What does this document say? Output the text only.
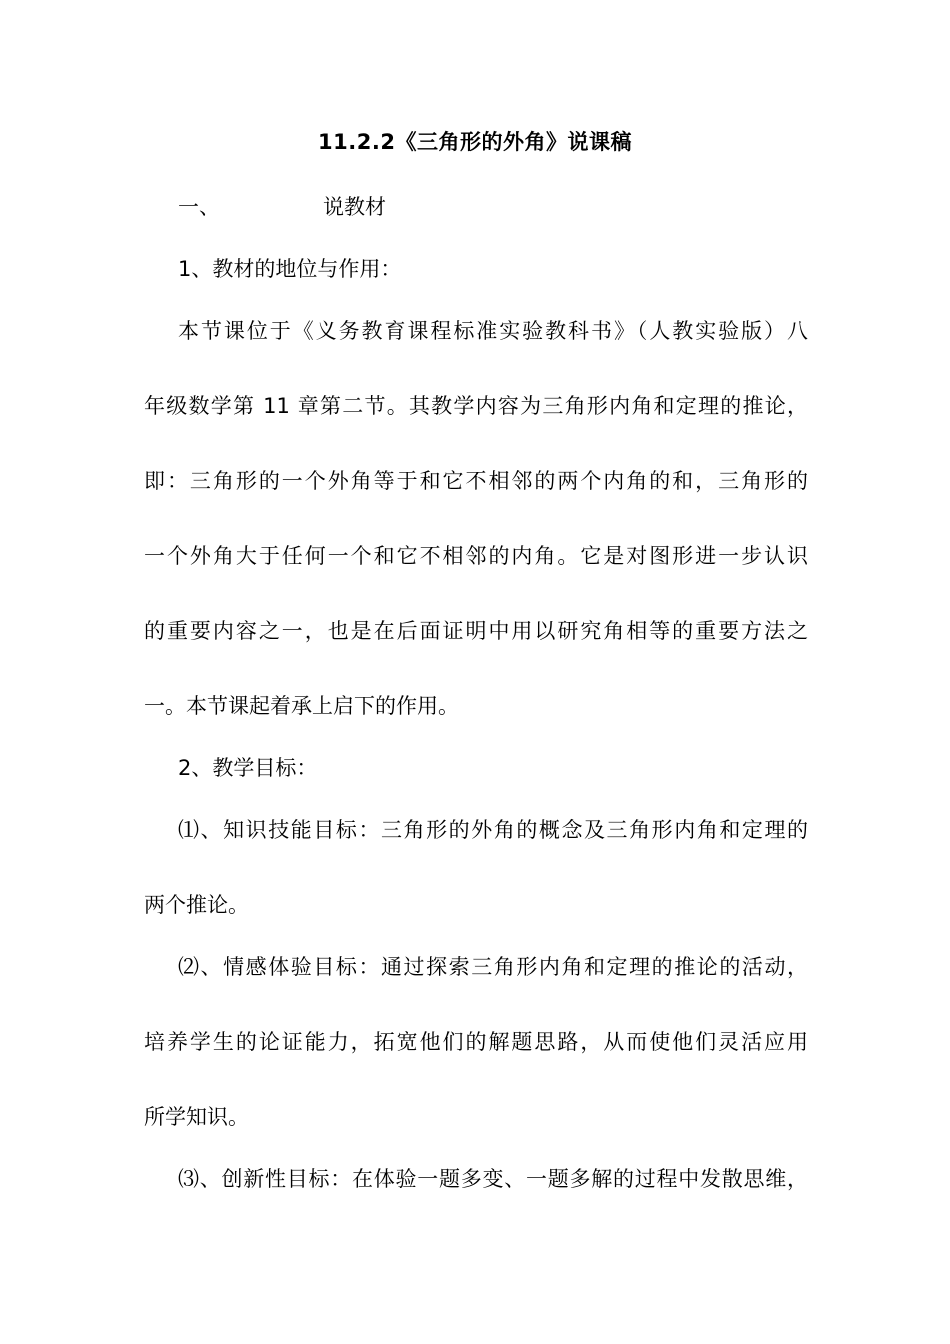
11.2.2《三角形的外角》说课稿
一、	说教材
1、教材的地位与作用：
本节课位于《义务教育课程标准实验教科书》（人教实验版）八
年级数学第 11 章第二节。其教学内容为三角形内角和定理的推论，
即：三角形的一个外角等于和它不相邻的两个内角的和，三角形的
一个外角大于任何一个和它不相邻的内角。它是对图形进一步认识
的重要内容之一，也是在后面证明中用以研究角相等的重要方法之
一。本节课起着承上启下的作用。
2、教学目标：
⑴、知识技能目标：三角形的外角的概念及三角形内角和定理的
两个推论。
⑵、情感体验目标：通过探索三角形内角和定理的推论的活动，
培养学生的论证能力，拓宽他们的解题思路，从而使他们灵活应用
所学知识。
⑶、创新性目标：在体验一题多变、一题多解的过程中发散思维，
